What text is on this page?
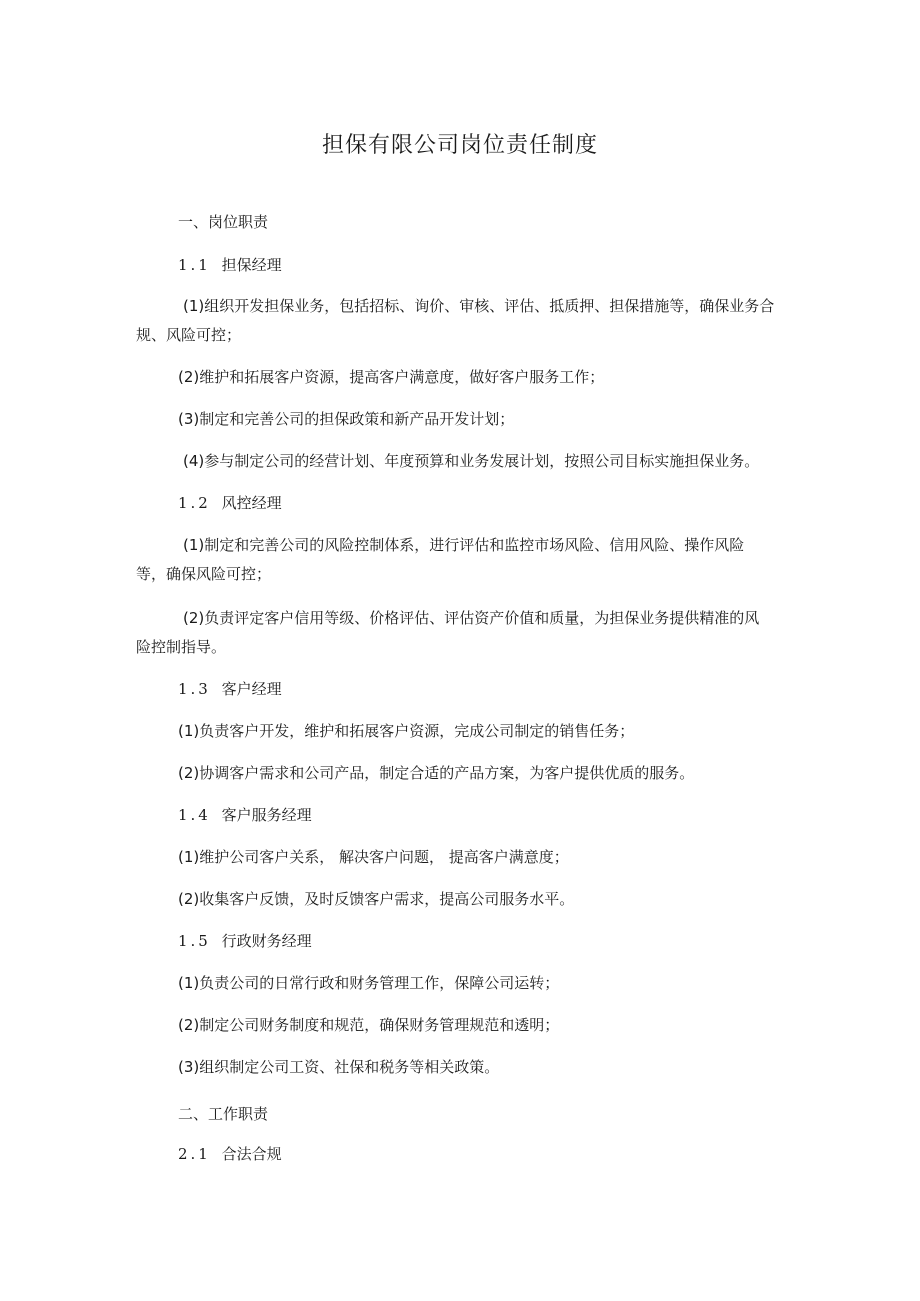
担保有限公司岗位责任制度
一、岗位职责
1.1 担保经理
(1)组织开发担保业务，包括招标、询价、审核、评估、抵质押、担保措施等，确保业务合
规、风险可控；
(2)维护和拓展客户资源，提高客户满意度，做好客户服务工作；
(3)制定和完善公司的担保政策和新产品开发计划；
(4)参与制定公司的经营计划、年度预算和业务发展计划，按照公司目标实施担保业务。
1.2 风控经理
(1)制定和完善公司的风险控制体系，进行评估和监控市场风险、信用风险、操作风险
等，确保风险可控；
(2)负责评定客户信用等级、价格评估、评估资产价值和质量，为担保业务提供精准的风
险控制指导。
1.3 客户经理
(1)负责客户开发，维护和拓展客户资源，完成公司制定的销售任务；
(2)协调客户需求和公司产品，制定合适的产品方案，为客户提供优质的服务。
1.4 客户服务经理
(1)维护公司客户关系， 解决客户问题， 提高客户满意度；
(2)收集客户反馈，及时反馈客户需求，提高公司服务水平。
1.5 行政财务经理
(1)负责公司的日常行政和财务管理工作，保障公司运转；
(2)制定公司财务制度和规范，确保财务管理规范和透明；
(3)组织制定公司工资、社保和税务等相关政策。
二、工作职责
2.1 合法合规
